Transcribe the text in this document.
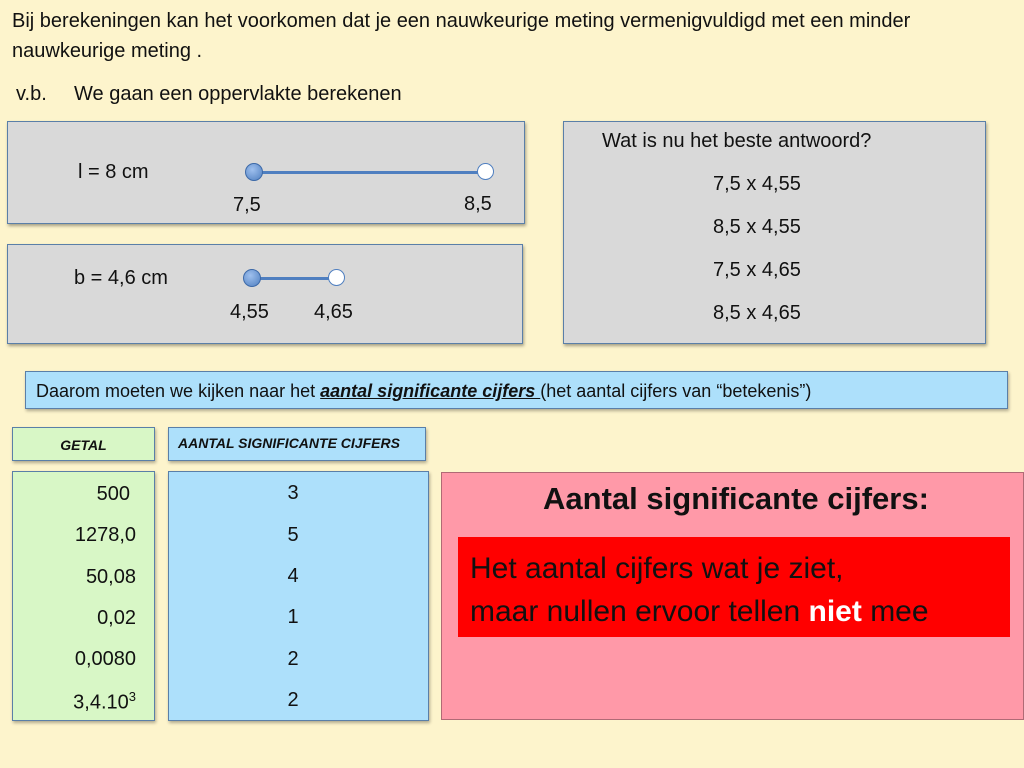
Bij berekeningen kan het voorkomen dat je een nauwkeurige meting vermenigvuldigd met een minder nauwkeurige meting .
v.b. We gaan een oppervlakte berekenen
l = 8 cm
7,5	8,5
b = 4,6 cm
4,55 4,65
Wat is nu het beste antwoord?
7,5 x 4,55
8,5 x 4,55
7,5 x 4,65
8,5 x 4,65
Daarom moeten we kijken naar het aantal significante cijfers (het aantal cijfers van “betekenis”)
GETAL	AANTAL SIGNIFICANTE CIJFERS
500
1278,0
50,08
0,02
0,0080
3,4.10$^3$
3
5
4
1
2
2
Aantal significante cijfers:
Het aantal cijfers wat je ziet,
maar nullen ervoor tellen niet mee
